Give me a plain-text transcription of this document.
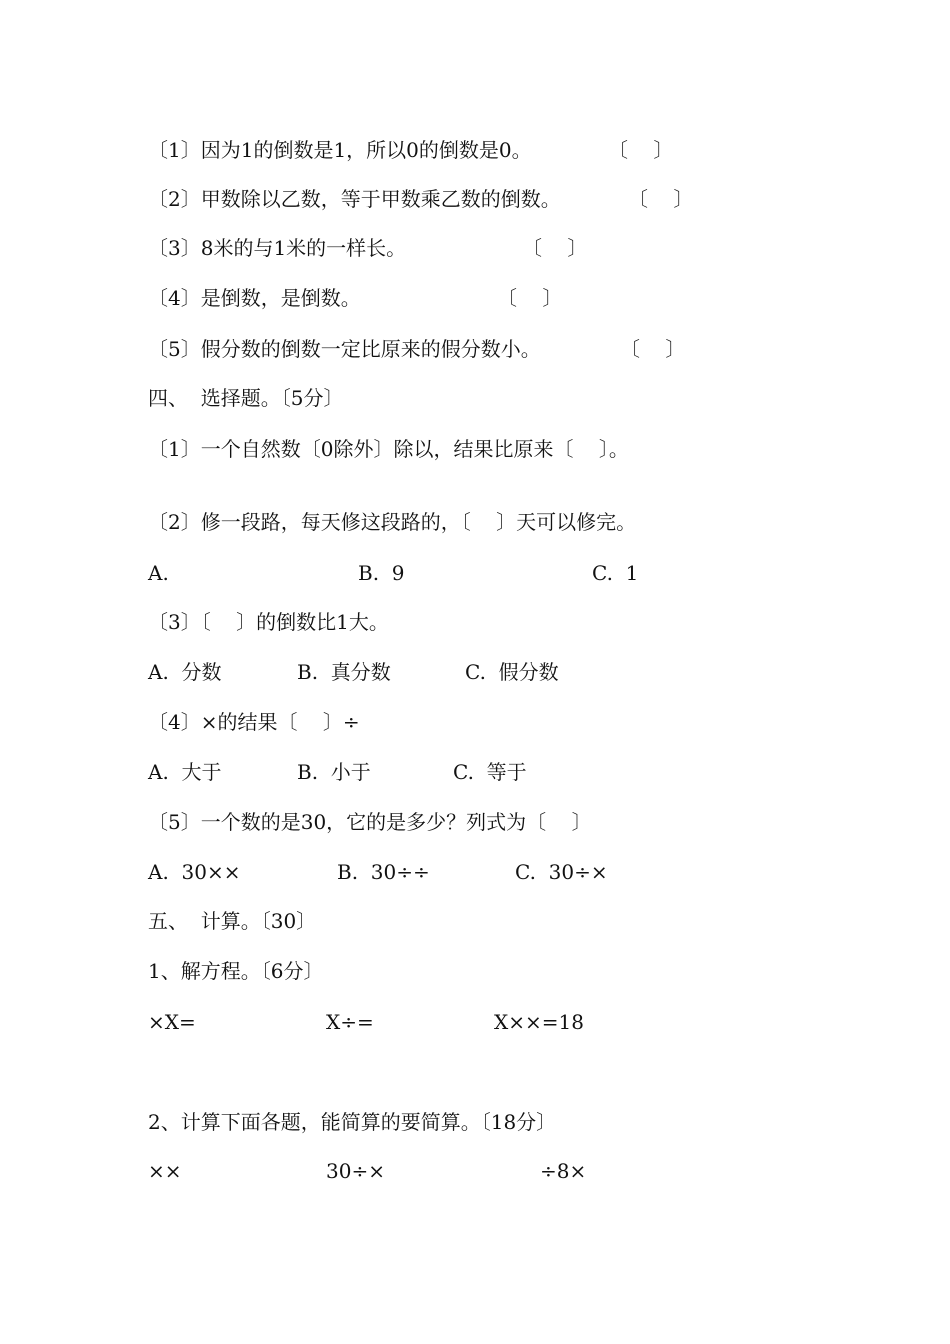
〔1〕因为1的倒数是1，所以0的倒数是0。	〔    〕
〔2〕甲数除以乙数，等于甲数乘乙数的倒数。	〔    〕
〔3〕8米的与1米的一样长。	〔    〕
〔4〕是倒数，是倒数。	〔    〕
〔5〕假分数的倒数一定比原来的假分数小。	〔    〕
四、  选择题。〔5分〕
〔1〕一个自然数〔0除外〕除以，结果比原来〔    〕。
〔2〕修一段路，每天修这段路的，〔    〕天可以修完。
A.	B.  9	C.  1
〔3〕〔    〕的倒数比1大。
A.  分数	B.  真分数	C.  假分数
〔4〕×的结果〔    〕÷
A.  大于	B.  小于	C.  等于
〔5〕一个数的是30，它的是多少？列式为〔    〕
A.  30××	B.  30÷÷	C.  30÷×
五、  计算。〔30〕
1、解方程。〔6分〕
×X=	X÷=	X××=18
2、计算下面各题，能简算的要简算。〔18分〕
××	30÷×	÷8×
